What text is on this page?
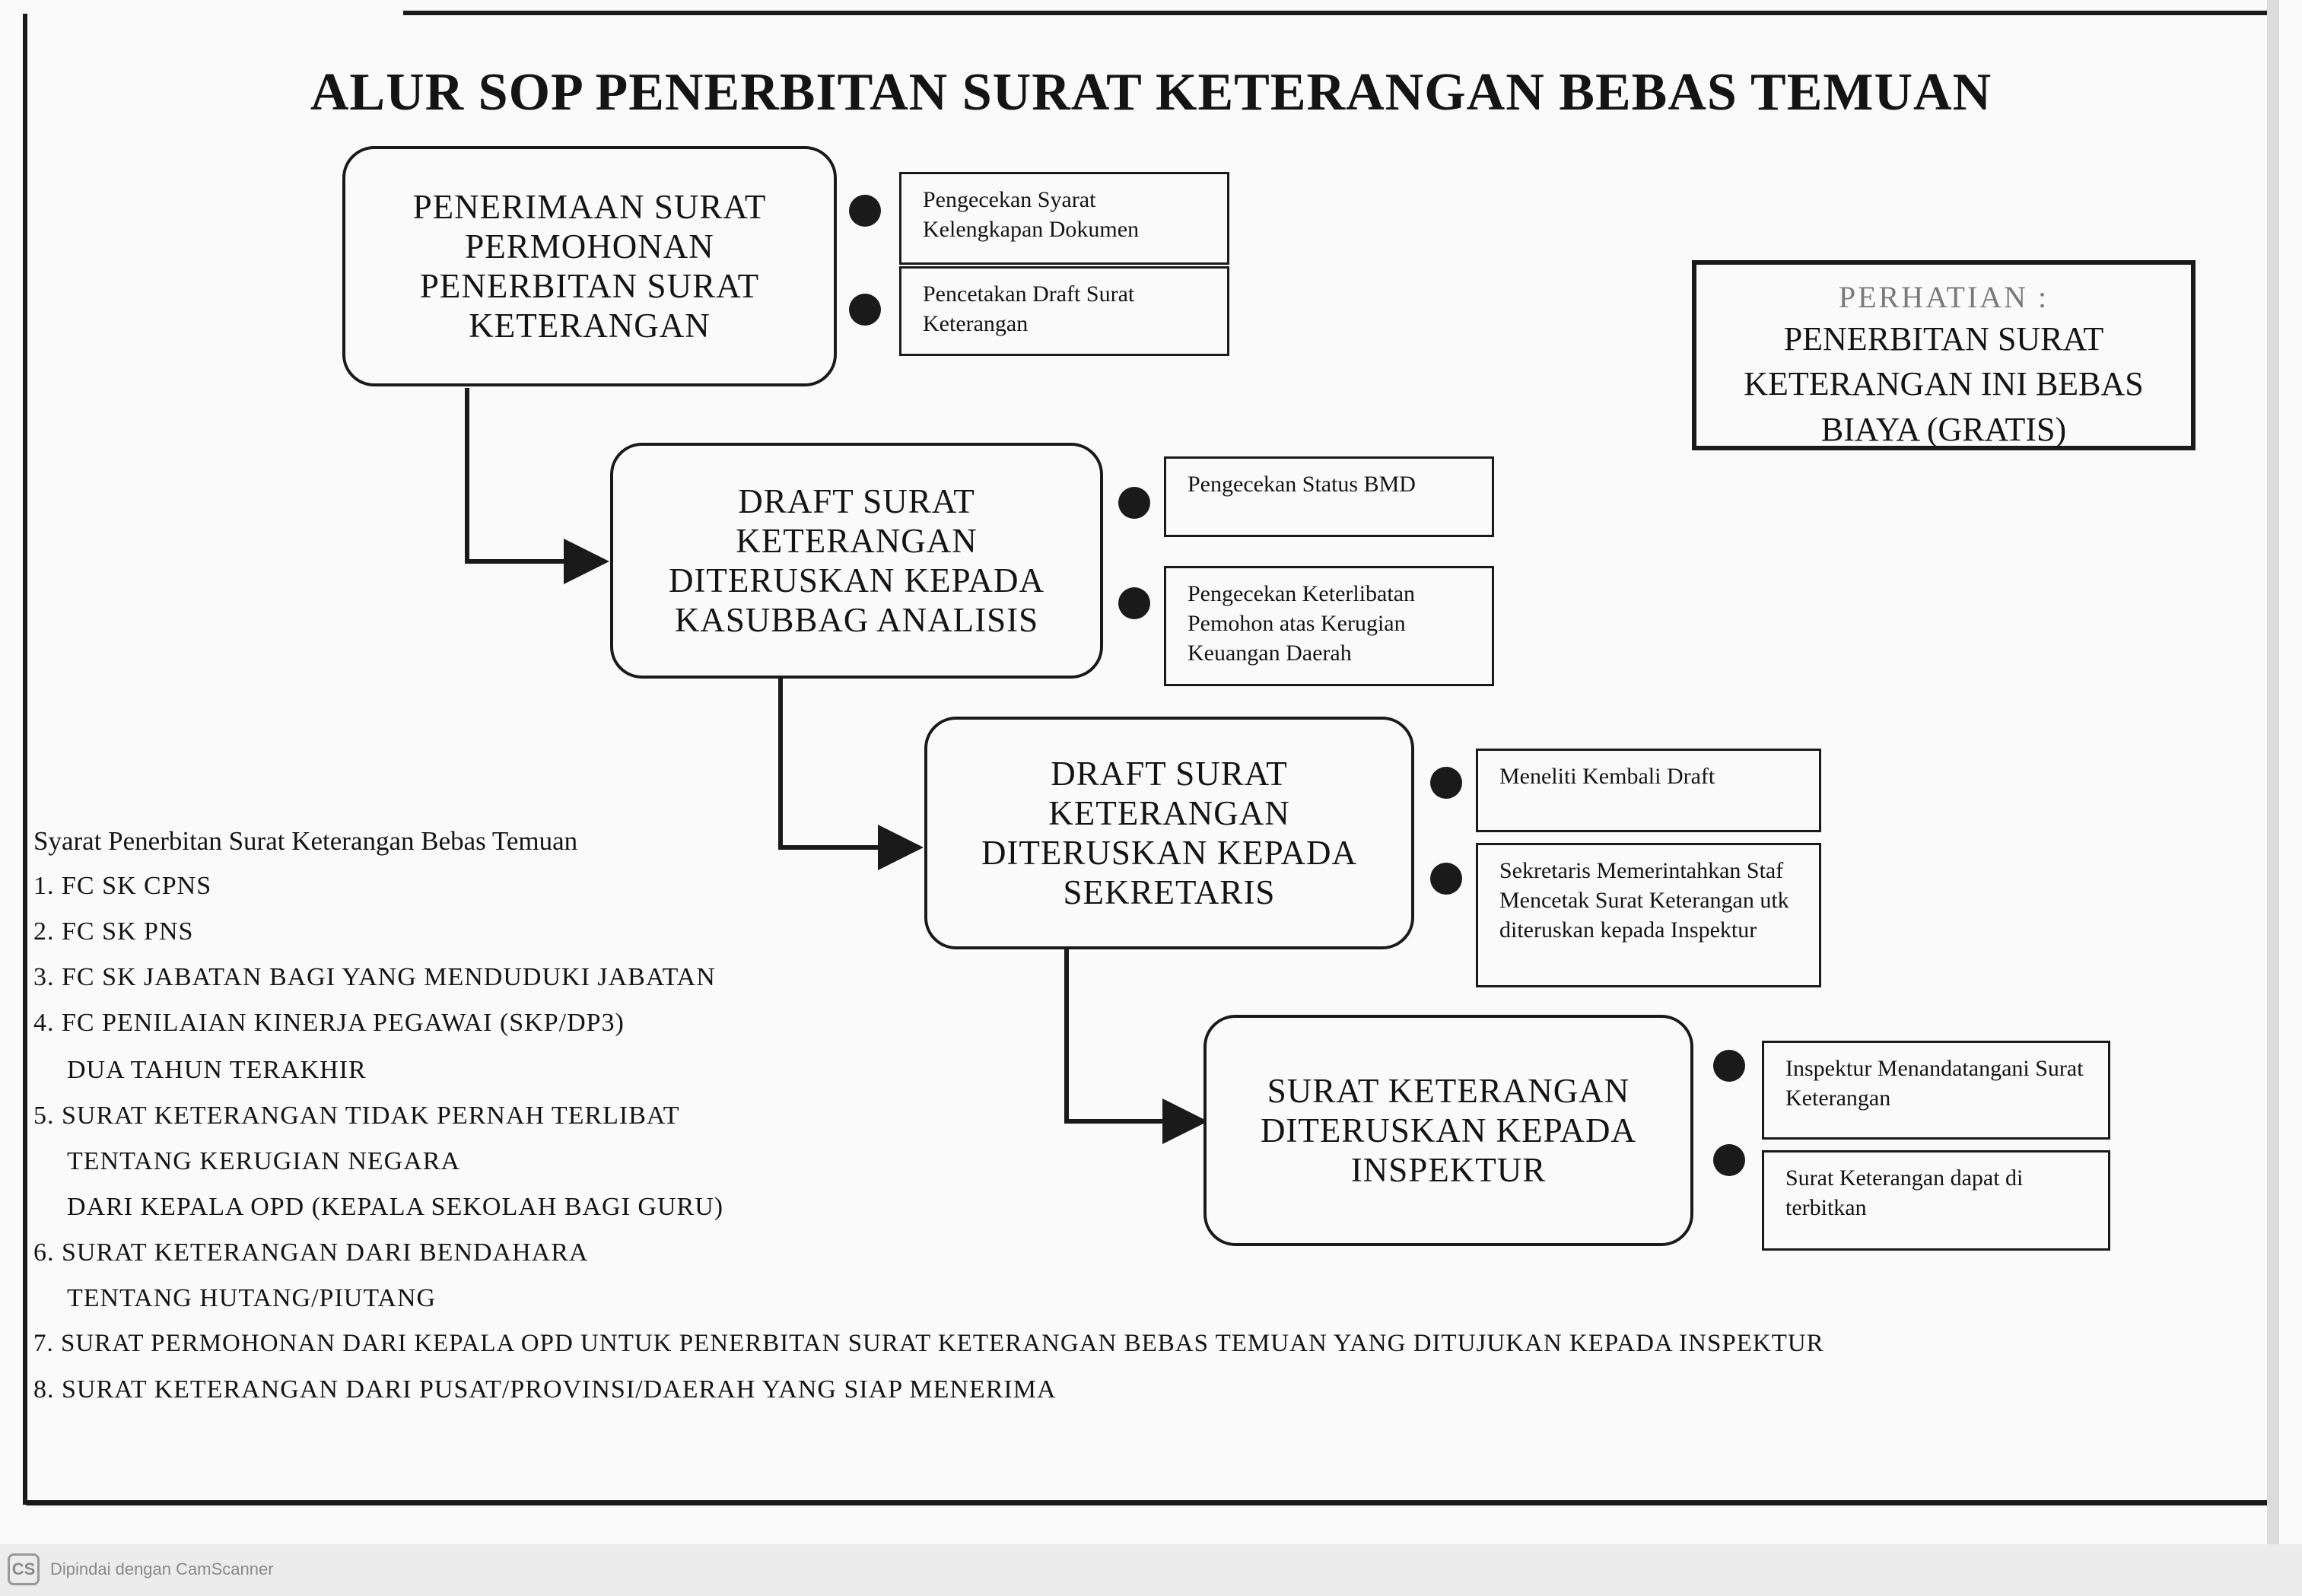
ALUR SOP PENERBITAN SURAT KETERANGAN BEBAS TEMUAN
PENERIMAAN SURAT PERMOHONAN PENERBITAN SURAT KETERANGAN
Pengecekan Syarat Kelengkapan Dokumen
Pencetakan Draft Surat Keterangan
DRAFT SURAT KETERANGAN DITERUSKAN KEPADA KASUBBAG ANALISIS
Pengecekan Status BMD
Pengecekan Keterlibatan Pemohon atas Kerugian Keuangan Daerah
DRAFT SURAT KETERANGAN DITERUSKAN KEPADA SEKRETARIS
Meneliti Kembali Draft
Sekretaris Memerintahkan Staf Mencetak Surat Keterangan utk diteruskan kepada Inspektur
SURAT KETERANGAN DITERUSKAN KEPADA INSPEKTUR
Inspektur Menandatangani Surat Keterangan
Surat Keterangan dapat di terbitkan
PERHATIAN :
PENERBITAN SURAT KETERANGAN INI BEBAS BIAYA (GRATIS)
Syarat Penerbitan Surat Keterangan Bebas Temuan
1. FC SK CPNS
2. FC SK PNS
3. FC SK JABATAN BAGI YANG MENDUDUKI JABATAN
4. FC PENILAIAN KINERJA PEGAWAI (SKP/DP3)
DUA TAHUN TERAKHIR
5. SURAT KETERANGAN TIDAK PERNAH TERLIBAT
TENTANG KERUGIAN NEGARA
DARI KEPALA OPD (KEPALA SEKOLAH BAGI GURU)
6. SURAT KETERANGAN DARI BENDAHARA
TENTANG HUTANG/PIUTANG
7. SURAT PERMOHONAN DARI KEPALA OPD UNTUK PENERBITAN SURAT KETERANGAN BEBAS TEMUAN YANG DITUJUKAN KEPADA INSPEKTUR
8. SURAT KETERANGAN DARI PUSAT/PROVINSI/DAERAH YANG SIAP MENERIMA
CS Dipindai dengan CamScanner
